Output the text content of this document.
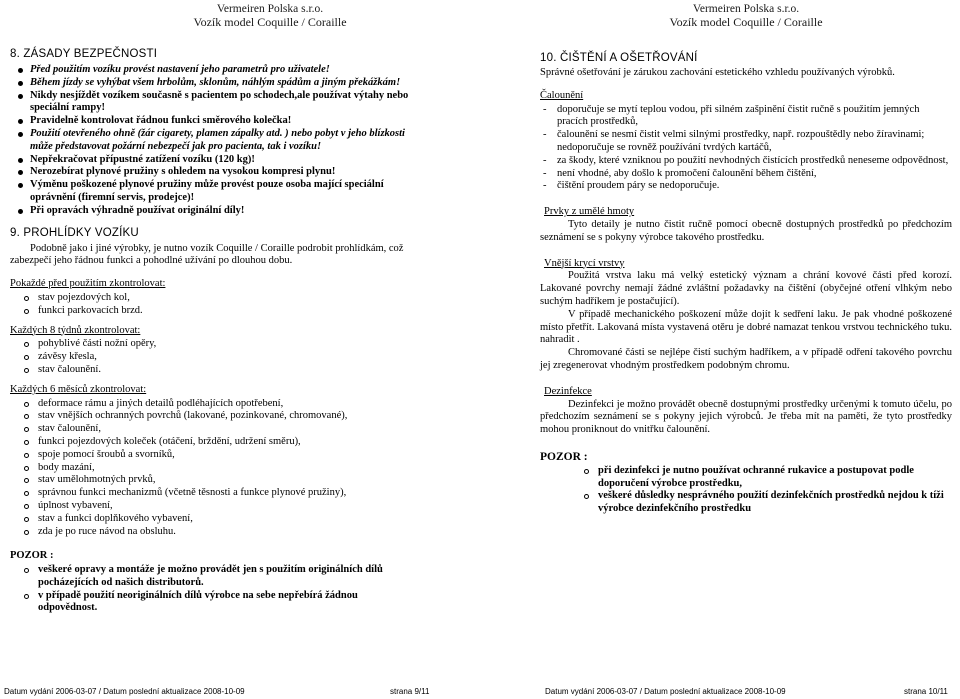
Vermeiren Polska s.r.o.
Vozík model Coquille / Coraille
8. ZÁSADY BEZPEČNOSTI
Před použitím vozíku provést nastavení jeho parametrů pro uživatele!
Během jízdy se vyhýbat všem hrbolům, sklonům, náhlým spádům a jiným překážkám!
Nikdy nesjíždět vozíkem současně s pacientem po schodech,ale používat výtahy nebo speciální rampy!
Pravidelně kontrolovat řádnou funkci směrového kolečka!
Použití otevřeného ohně (žár cigarety, plamen zápalky atd. ) nebo pobyt v jeho blízkosti může představovat požární nebezpečí jak pro pacienta, tak i vozíku!
Nepřekračovat přípustné zatížení vozíku (120 kg)!
Nerozebírat plynové pružiny s ohledem na vysokou kompresi plynu!
Výměnu poškozené plynové pružiny může provést pouze osoba mající speciální oprávnění (firemní servis, prodejce)!
Při opravách výhradně používat originální díly!
9. PROHLÍDKY VOZÍKU

Podobně jako i jiné výrobky, je nutno vozík Coquille / Coraille podrobit prohlídkám, což zabezpečí jeho řádnou funkci a pohodlné užívání po dlouhou dobu.

Pokaždé před použitím zkontrolovat:
stav pojezdových kol,
funkci parkovacích brzd.
Každých 8 týdnů zkontrolovat:
pohyblivé části nožní opěry,
závěsy křesla,
stav čalounění.
Každých 6 měsíců zkontrolovat:
deformace rámu a jiných detailů podléhajících opotřebení,
stav vnějších ochranných povrchů (lakované, pozinkované, chromované),
stav čalounění,
funkci pojezdových koleček (otáčení, brždění, udržení směru),
spoje pomocí šroubů a svorníků,
body mazání,
stav umělohmotných prvků,
správnou funkci mechanizmů (včetně těsnosti a funkce plynové pružiny),
úplnost vybavení,
stav a funkci doplňkového vybavení,
zda je po ruce návod na obsluhu.
POZOR :
veškeré opravy a montáže je možno provádět jen s použitím originálních dílů pocházejících od našich distributorů.
v případě použití neoriginálních dílů výrobce na sebe nepřebírá žádnou odpovědnost.
Datum vydání 2006-03-07 / Datum poslední aktualizace 2008-10-09	strana 9/11
Vermeiren Polska s.r.o.
Vozík model Coquille / Coraille
10. ČIŠTĚNÍ A OŠETŘOVÁNÍ

Správné ošetřování je zárukou zachování estetického vzhledu používaných výrobků.

Čalounění
- doporučuje se mytí teplou vodou, při silném zašpinění čistit ručně s použitím jemných pracích prostředků,
- čalounění se nesmí čistit velmi silnými prostředky, např. rozpouštědly nebo žíravinami; nedoporučuje se rovněž používání tvrdých kartáčů,
- za škody, které vzniknou po použití nevhodných čistících prostředků neneseme odpovědnost,
- není vhodné, aby došlo k promočení čalounění během čištění,
- čištění proudem páry se nedoporučuje.
Prvky z umělé hmoty

Tyto detaily je nutno čistit ručně pomocí obecně dostupných prostředků po předchozím seznámení se s pokyny výrobce takového prostředku.

Vnější krycí vrstvy

Použitá vrstva laku má velký estetický význam a chrání kovové části před korozí. Lakované povrchy nemají žádné zvláštní požadavky na čištění (obyčejné otření vlhkým nebo suchým hadříkem je postačující).

V případě mechanického poškození může dojít k sedření laku. Je pak vhodné poškozené místo přetřít. Lakovaná místa vystavená otěru je dobré namazat tenkou vrstvou technického tuku. nahradit .

Chromované části se nejlépe čistí suchým hadříkem, a v případě odření takového povrchu jej zregenerovat vhodným prostředkem podobným chromu.

Dezinfekce

Dezinfekci je možno provádět obecně dostupnými prostředky určenými k tomuto účelu, po předchozím seznámení se s pokyny jejich výrobců. Je třeba mít na paměti, že tyto prostředky mohou proniknout do vnitřku čalounění.

POZOR :
při dezinfekci je nutno používat ochranné rukavice a postupovat podle doporučení výrobce prostředku,
veškeré důsledky nesprávného použití dezinfekčních prostředků nejdou k tíži výrobce dezinfekčního prostředku
Datum vydání 2006-03-07 / Datum poslední aktualizace 2008-10-09	strana 10/11
